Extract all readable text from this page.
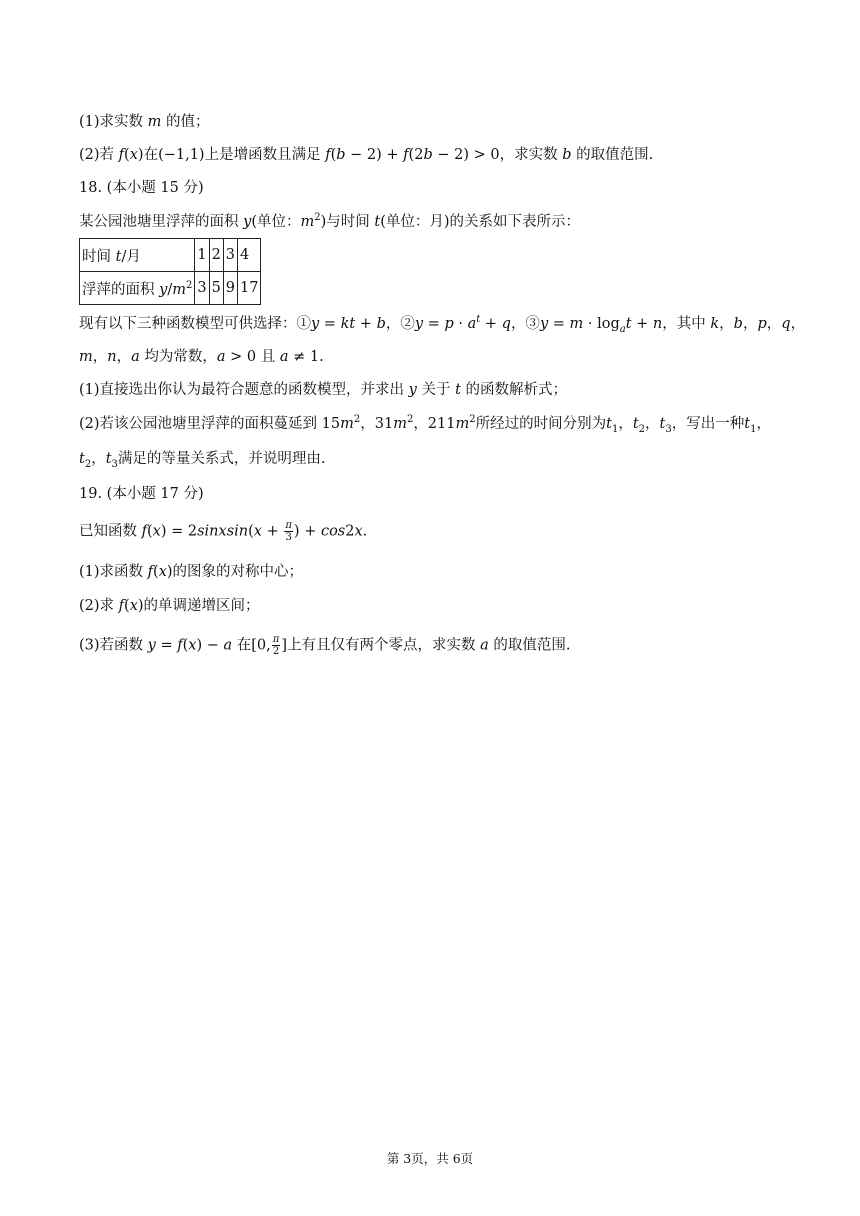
(1)求实数 m 的值；
(2)若 f(x)在(−1,1)上是增函数且满足 f(b − 2) + f(2b − 2) > 0，求实数 b 的取值范围.
18. (本小题 15 分)
某公园池塘里浮萍的面积 y(单位：$m^2$)与时间 t(单位：月)的关系如下表所示：
时间 t/月	1	2	3	4
浮萍的面积 $y/m^2$	3	5	9	17
现有以下三种函数模型可供选择：①y = kt + b，②y = $p \cdot a^t + q$，③y = $m \cdot \log_at + n$，其中 k，b，p，q，
m，n，a 均为常数，a > 0 且 a ≠ 1.
(1)直接选出你认为最符合题意的函数模型，并求出 y 关于 t 的函数解析式；
(2)若该公园池塘里浮萍的面积蔓延到 $15m^2$，$31m^2$，$211m^2$所经过的时间分别为$t_1$，$t_2$，$t_3$，写出一种$t_1$，
$t_2$，$t_3$满足的等量关系式，并说明理由.
19. (本小题 17 分)
已知函数 f(x) = 2sinxsin(x + $\frac{\pi}{3}$ ) + cos2x.
(1)求函数 f(x)的图象的对称中心；
(2)求 f(x)的单调递增区间；
(3)若函数 y = f(x) − a 在[0, $\frac{\pi}{2}$ ]上有且仅有两个零点，求实数 a 的取值范围.
第 3页，共 6页
